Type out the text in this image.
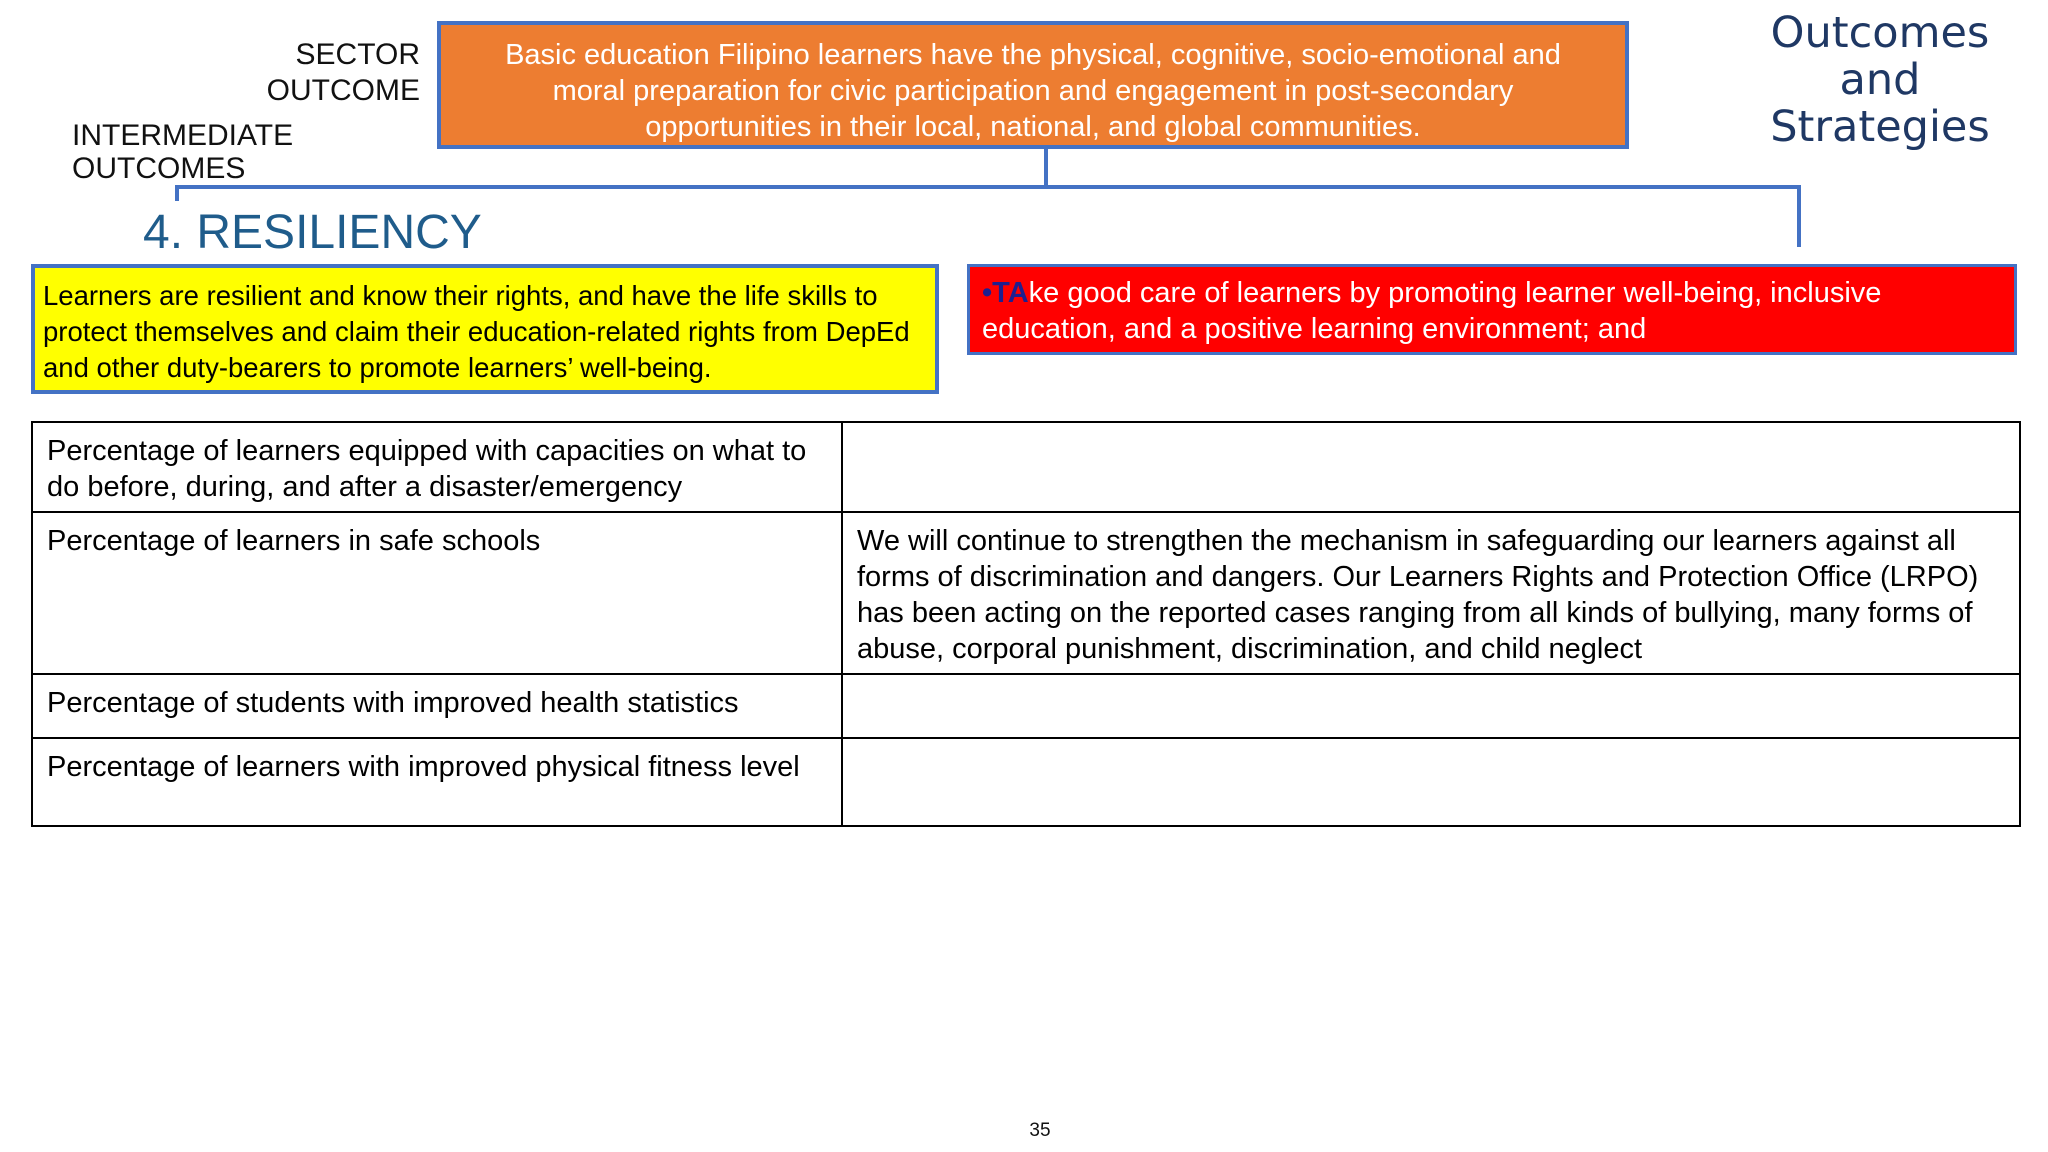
SECTOR
OUTCOME
INTERMEDIATE
OUTCOMES
Basic education Filipino learners have the physical, cognitive, socio-emotional and
moral preparation for civic participation and engagement in post-secondary
opportunities in their local, national, and global communities.
Outcomes
and
Strategies
4. RESILIENCY
Learners are resilient and know their rights, and have the life skills to protect themselves and claim their education-related rights from DepEd and other duty-bearers to promote learners’ well-being.
•TAke good care of learners by promoting learner well-being, inclusive education, and a positive learning environment; and
Percentage of learners equipped with capacities on what to do before, during, and after a disaster/emergency	
Percentage of learners in safe schools	We will continue to strengthen the mechanism in safeguarding our learners against all forms of discrimination and dangers. Our Learners Rights and Protection Office (LRPO) has been acting on the reported cases ranging from all kinds of bullying, many forms of abuse, corporal punishment, discrimination, and child neglect
Percentage of students with improved health statistics	
Percentage of learners with improved physical fitness level	
35
